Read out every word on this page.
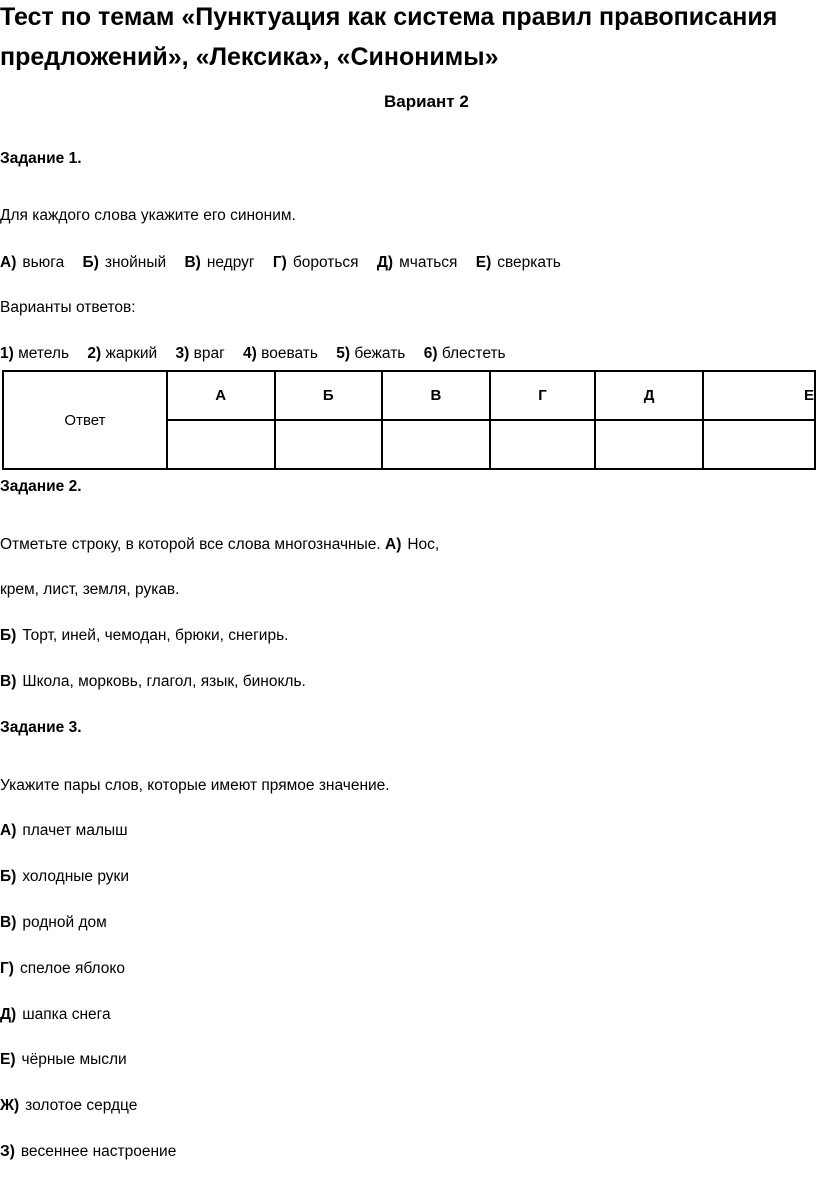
Тест по темам «Пунктуация как система правил правописания
предложений», «Лексика», «Синонимы»
Вариант 2
Задание 1.
Для каждого слова укажите его синоним.
А) вьюга Б) знойный В) недруг Г) бороться Д) мчаться Е) сверкать
Варианты ответов:
1) метель 2) жаркий 3) враг 4) воевать 5) бежать 6) блестеть
Ответ	А	Б	В	Г	Д	Е

Задание 2.
Отметьте строку, в которой все слова многозначные. А) Нос,
крем, лист, земля, рукав.
Б) Торт, иней, чемодан, брюки, снегирь.
В) Школа, морковь, глагол, язык, бинокль.
Задание 3.
Укажите пары слов, которые имеют прямое значение.
А) плачет малыш
Б) холодные руки
В) родной дом
Г) спелое яблоко
Д) шапка снега
Е) чёрные мысли
Ж) золотое сердце
З) весеннее настроение
